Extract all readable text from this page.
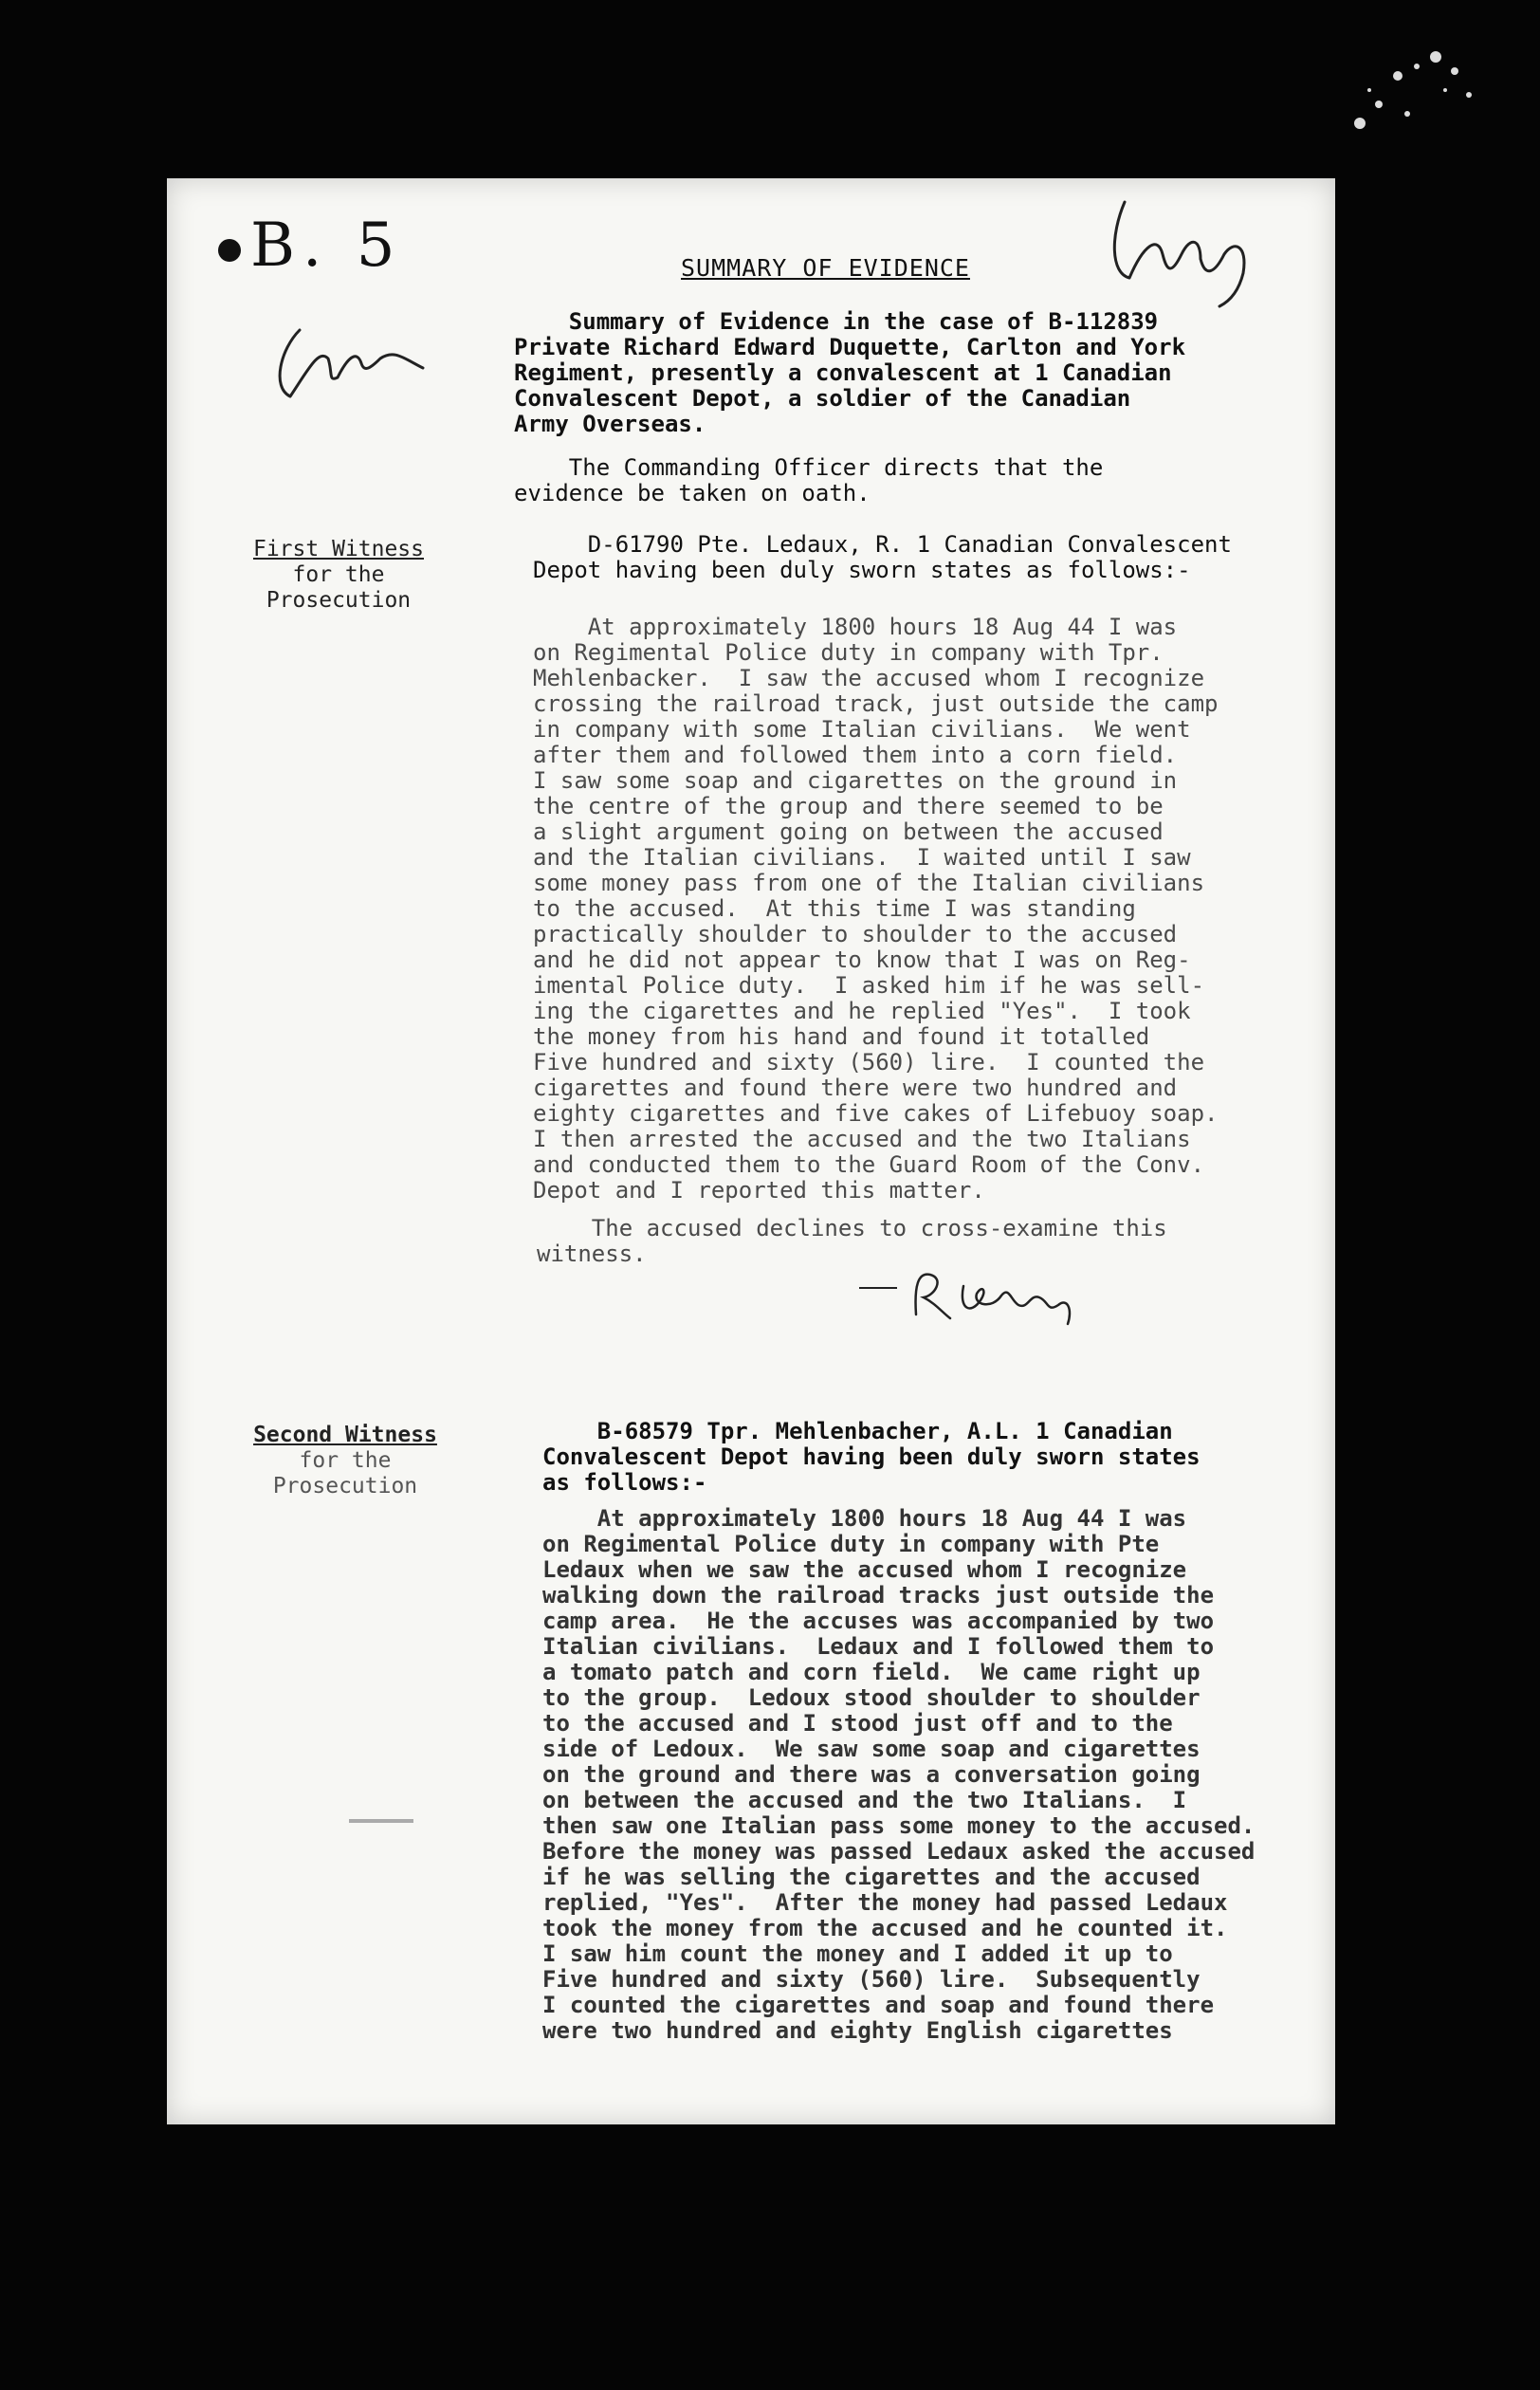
B. 5	SUMMARY OF EVIDENCE

Summary of Evidence in the case of B-112839

Private Richard Edward Duquette, Carlton and York

Regiment, presently a convalescent at 1 Canadian

Convalescent Depot, a soldier of the Canadian

Army Overseas.

The Commanding Officer directs that the

evidence be taken on oath.

First Witness
for the
Prosecution

D-61790 Pte. Ledaux, R. 1 Canadian Convalescent

Depot having been duly sworn states as follows:-

At approximately 1800 hours 18 Aug 44 I was

on Regimental Police duty in company with Tpr.

Mehlenbacker.  I saw the accused whom I recognize

crossing the railroad track, just outside the camp

in company with some Italian civilians.  We went

after them and followed them into a corn field.

I saw some soap and cigarettes on the ground in

the centre of the group and there seemed to be

a slight argument going on between the accused

and the Italian civilians.  I waited until I saw

some money pass from one of the Italian civilians

to the accused.  At this time I was standing

practically shoulder to shoulder to the accused

and he did not appear to know that I was on Reg-

imental Police duty.  I asked him if he was sell-

ing the cigarettes and he replied "Yes".  I took

the money from his hand and found it totalled

Five hundred and sixty (560) lire.  I counted the

cigarettes and found there were two hundred and

eighty cigarettes and five cakes of Lifebuoy soap.

I then arrested the accused and the two Italians

and conducted them to the Guard Room of the Conv.

Depot and I reported this matter.

The accused declines to cross-examine this

witness.

Second Witness
for the
Prosecution

B-68579 Tpr. Mehlenbacher, A.L. 1 Canadian

Convalescent Depot having been duly sworn states

as follows:-

At approximately 1800 hours 18 Aug 44 I was

on Regimental Police duty in company with Pte

Ledaux when we saw the accused whom I recognize

walking down the railroad tracks just outside the

camp area.  He the accuses was accompanied by two

Italian civilians.  Ledaux and I followed them to

a tomato patch and corn field.  We came right up

to the group.  Ledoux stood shoulder to shoulder

to the accused and I stood just off and to the

side of Ledoux.  We saw some soap and cigarettes

on the ground and there was a conversation going

on between the accused and the two Italians.  I

then saw one Italian pass some money to the accused.

Before the money was passed Ledaux asked the accused

if he was selling the cigarettes and the accused

replied, "Yes".  After the money had passed Ledaux

took the money from the accused and he counted it.

I saw him count the money and I added it up to

Five hundred and sixty (560) lire.  Subsequently

I counted the cigarettes and soap and found there

were two hundred and eighty English cigarettes
